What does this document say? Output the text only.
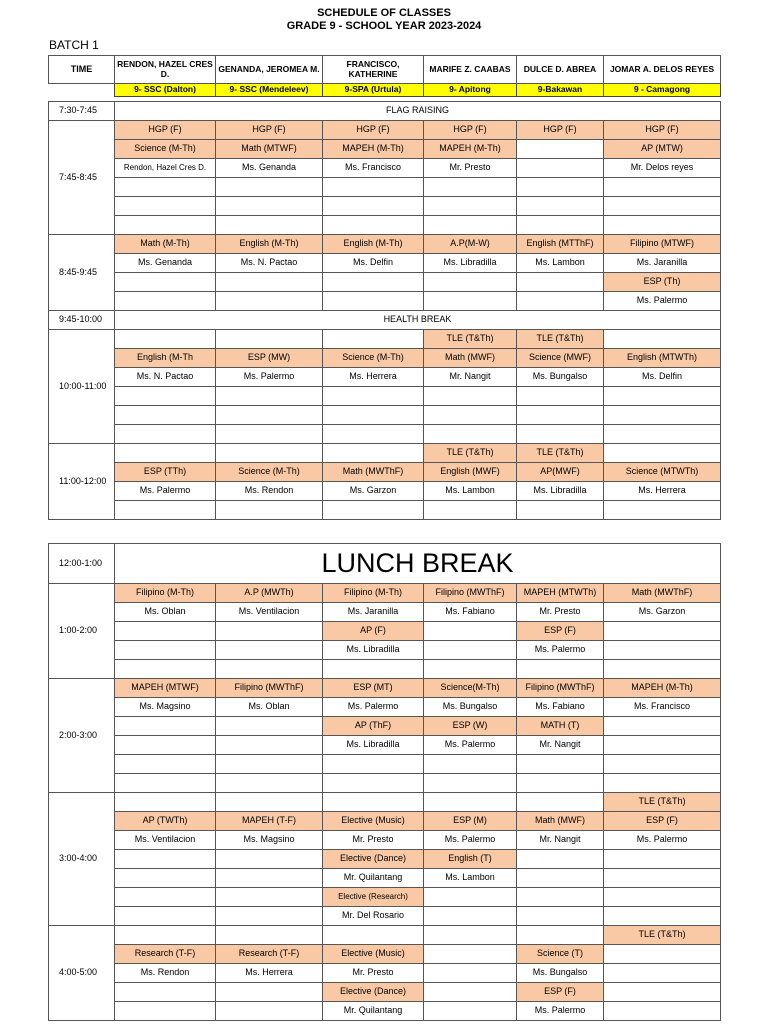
SCHEDULE OF CLASSES
GRADE 9 - SCHOOL YEAR 2023-2024
BATCH 1
TIME	RENDON, HAZEL CRES D.	GENANDA, JEROMEA M.	FRANCISCO, KATHERINE	MARIFE Z. CAABAS	DULCE D. ABREA	JOMAR A. DELOS REYES
	9- SSC (Dalton)	9- SSC (Mendeleev)	9-SPA (Urtula)	9- Apitong	9-Bakawan	9 - Camagong

7:30-7:45	FLAG RAISING					
7:45-8:45	HGP (F)	HGP (F)	HGP (F)	HGP (F)	HGP (F)	HGP (F)
	Science (M-Th)	Math (MTWF)	MAPEH (M-Th)	MAPEH (M-Th)		AP (MTW)
	Rendon, Hazel Cres D.	Ms. Genanda	Ms. Francisco	Mr. Presto		Mr. Delos reyes

8:45-9:45	Math (M-Th)	English (M-Th)	English (M-Th)	A.P(M-W)	English (MTThF)	Filipino (MTWF)
	Ms. Genanda	Ms. N. Pactao	Ms. Delfin	Ms. Libradilla	Ms. Lambon	Ms. Jaranilla
						ESP (Th)
						Ms. Palermo
9:45-10:00	HEALTH BREAK					
10:00-11:00				TLE (T&Th)	TLE (T&Th)	
	English (M-Th	ESP (MW)	Science (M-Th)	Math (MWF)	Science (MWF)	English (MTWTh)
	Ms. N. Pactao	Ms. Palermo	Ms. Herrera	Mr. Nangit	Ms. Bungalso	Ms. Delfin

11:00-12:00				TLE (T&Th)	TLE (T&Th)	
	ESP (TTh)	Science (M-Th)	Math (MWThF)	English (MWF)	AP(MWF)	Science (MTWTh)
	Ms. Palermo	Ms. Rendon	Ms. Garzon	Ms. Lambon	Ms. Libradilla	Ms. Herrera

12:00-1:00	LUNCH BREAK					
1:00-2:00	Filipino (M-Th)	A.P (MWTh)	Filipino (M-Th)	Filipino (MWThF)	MAPEH (MTWTh)	Math (MWThF)
	Ms. Oblan	Ms. Ventilacion	Ms. Jaranilla	Ms. Fabiano	Mr. Presto	Ms. Garzon
			AP (F)		ESP (F)	
			Ms. Libradilla		Ms. Palermo	

2:00-3:00	MAPEH (MTWF)	Filipino (MWThF)	ESP (MT)	Science(M-Th)	Filipino (MWThF)	MAPEH (M-Th)
	Ms. Magsino	Ms. Oblan	Ms. Palermo	Ms. Bungalso	Ms. Fabiano	Ms. Francisco
			AP (ThF)	ESP (W)	MATH (T)	
			Ms. Libradilla	Ms. Palermo	Mr. Nangit	

3:00-4:00						TLE (T&Th)
	AP (TWTh)	MAPEH (T-F)	Elective (Music)	ESP (M)	Math (MWF)	ESP (F)
	Ms. Ventilacion	Ms. Magsino	Mr. Presto	Ms. Palermo	Mr. Nangit	Ms. Palermo
			Elective (Dance)	English (T)		
			Mr. Quilantang	Ms. Lambon		
			Elective (Research)			
			Mr. Del Rosario			
4:00-5:00						TLE (T&Th)
	Research (T-F)	Research (T-F)	Elective (Music)		Science (T)	
	Ms. Rendon	Ms. Herrera	Mr. Presto		Ms. Bungalso	
			Elective (Dance)		ESP (F)	
			Mr. Quilantang		Ms. Palermo	
